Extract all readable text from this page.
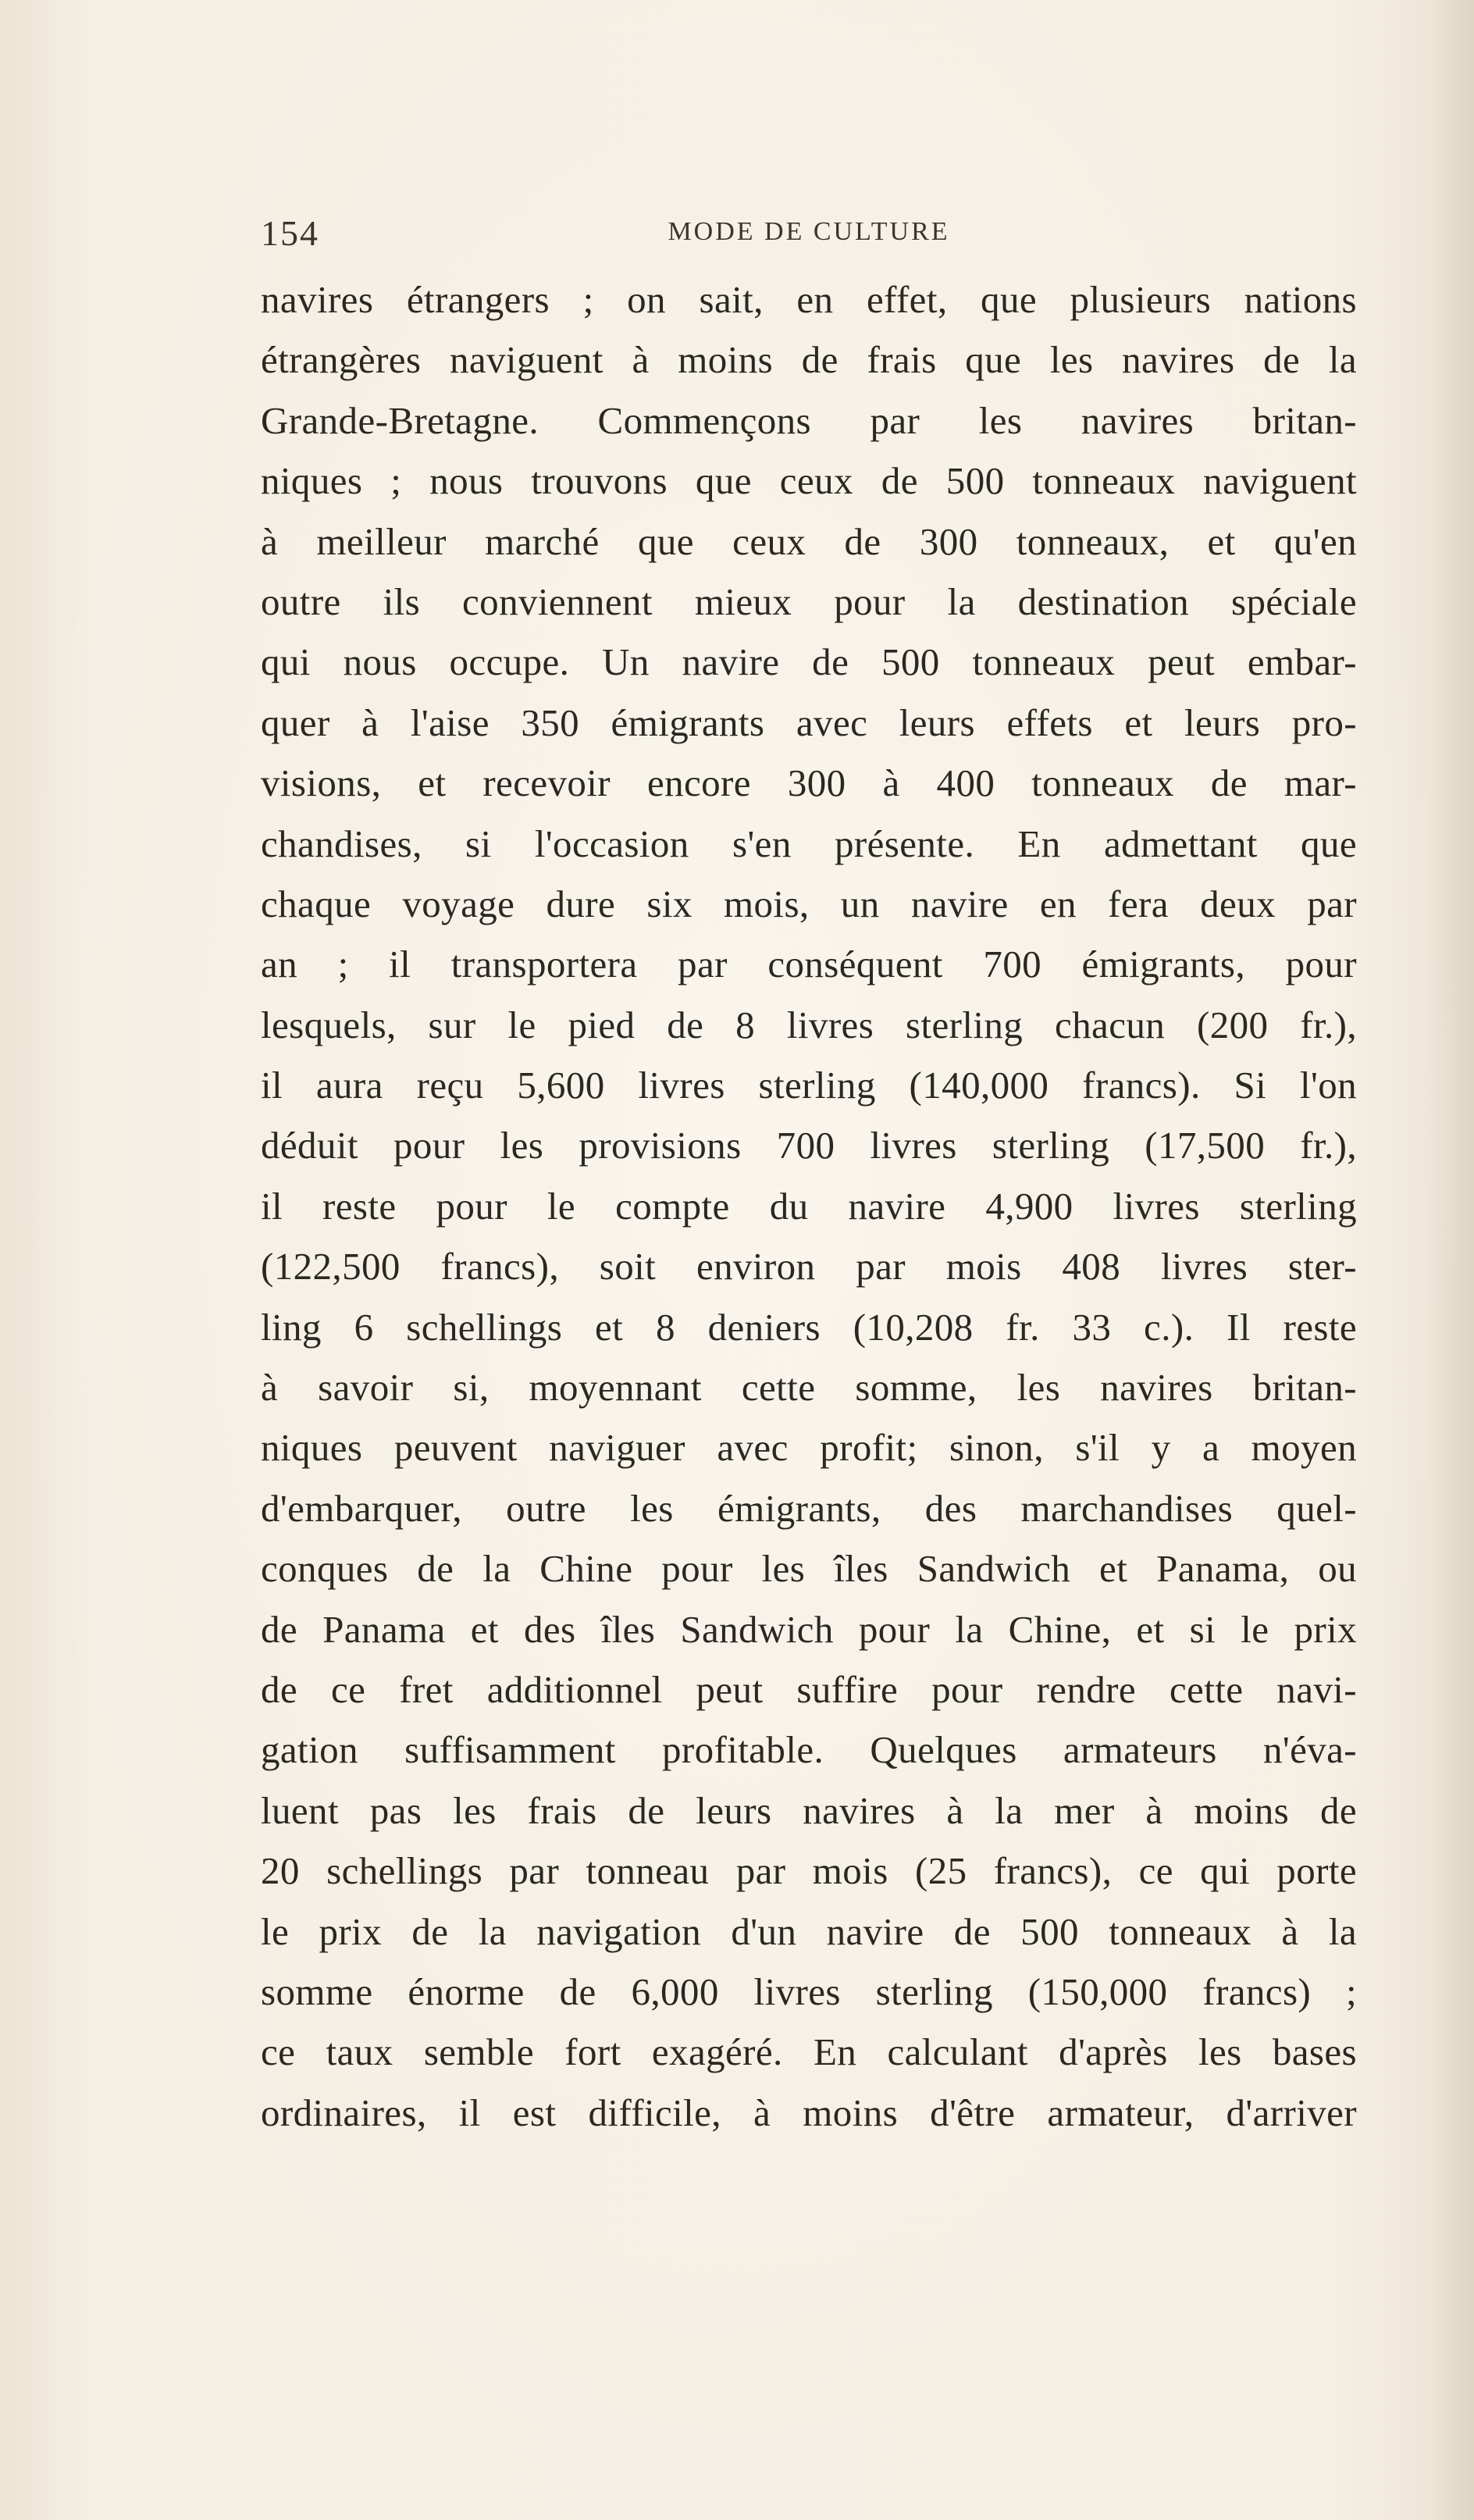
154	MODE DE CULTURE
navires étrangers ; on sait, en effet, que plusieurs nations
étrangères naviguent à moins de frais que les navires de la
Grande-Bretagne. Commençons par les navires britan-
niques ; nous trouvons que ceux de 500 tonneaux naviguent
à meilleur marché que ceux de 300 tonneaux, et qu'en
outre ils conviennent mieux pour la destination spéciale
qui nous occupe. Un navire de 500 tonneaux peut embar-
quer à l'aise 350 émigrants avec leurs effets et leurs pro-
visions, et recevoir encore 300 à 400 tonneaux de mar-
chandises, si l'occasion s'en présente. En admettant que
chaque voyage dure six mois, un navire en fera deux par
an ; il transportera par conséquent 700 émigrants, pour
lesquels, sur le pied de 8 livres sterling chacun (200 fr.),
il aura reçu 5,600 livres sterling (140,000 francs). Si l'on
déduit pour les provisions 700 livres sterling (17,500 fr.),
il reste pour le compte du navire 4,900 livres sterling
(122,500 francs), soit environ par mois 408 livres ster-
ling 6 schellings et 8 deniers (10,208 fr. 33 c.). Il reste
à savoir si, moyennant cette somme, les navires britan-
niques peuvent naviguer avec profit; sinon, s'il y a moyen
d'embarquer, outre les émigrants, des marchandises quel-
conques de la Chine pour les îles Sandwich et Panama, ou
de Panama et des îles Sandwich pour la Chine, et si le prix
de ce fret additionnel peut suffire pour rendre cette navi-
gation suffisamment profitable. Quelques armateurs n'éva-
luent pas les frais de leurs navires à la mer à moins de
20 schellings par tonneau par mois (25 francs), ce qui porte
le prix de la navigation d'un navire de 500 tonneaux à la
somme énorme de 6,000 livres sterling (150,000 francs) ;
ce taux semble fort exagéré. En calculant d'après les bases
ordinaires, il est difficile, à moins d'être armateur, d'arriver
